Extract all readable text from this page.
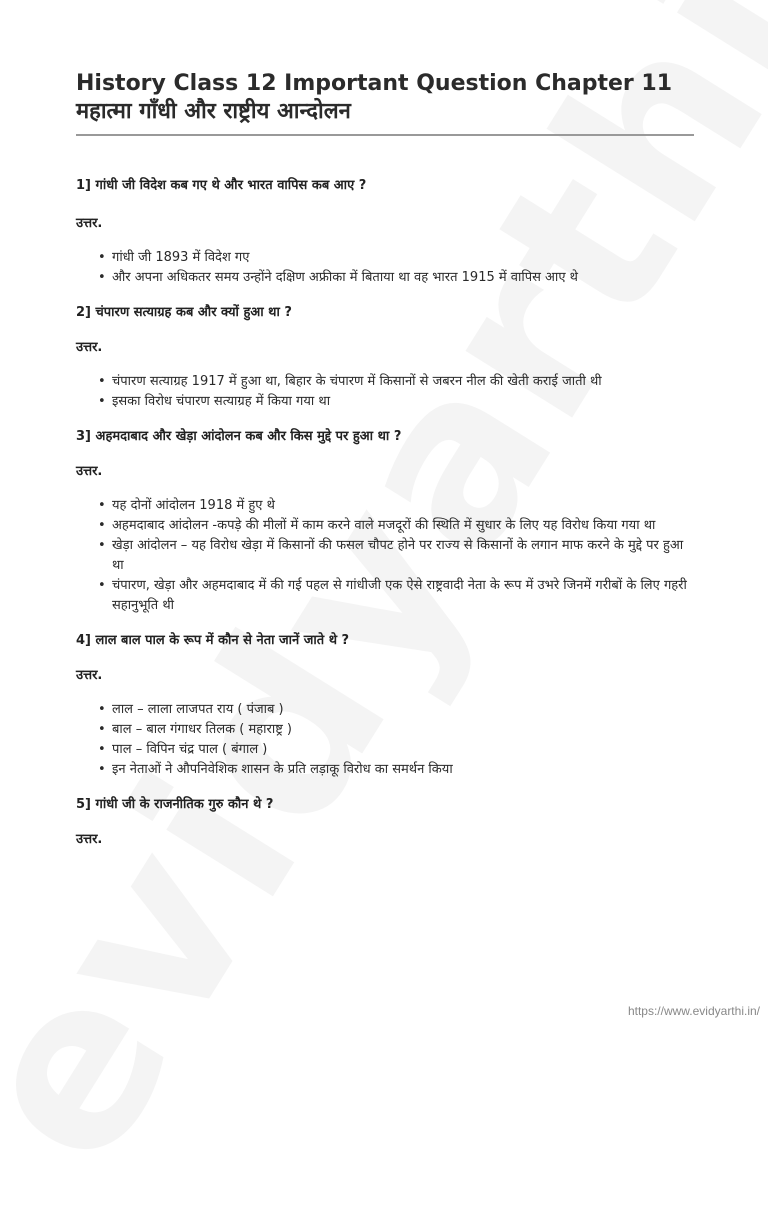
History Class 12 Important Question Chapter 11 महात्मा गाँधी और राष्ट्रीय आन्दोलन

1] गांधी जी विदेश कब गए थे और भारत वापिस कब आए ?

उत्तर.

• गांधी जी 1893 में विदेश गए
• और अपना अधिकतर समय उन्होंने दक्षिण अफ्रीका में बिताया था वह भारत 1915 में वापिस आए थे

2] चंपारण सत्याग्रह कब और क्यों हुआ था ?

उत्तर.

• चंपारण सत्याग्रह 1917 में हुआ था, बिहार के चंपारण में किसानों से जबरन नील की खेती कराई जाती थी
• इसका विरोध चंपारण सत्याग्रह में किया गया था

3] अहमदाबाद और खेड़ा आंदोलन कब और किस मुद्दे पर हुआ था ?

उत्तर.

• यह दोनों आंदोलन 1918 में हुए थे
• अहमदाबाद आंदोलन -कपड़े की मीलों में काम करने वाले मजदूरों की स्थिति में सुधार के लिए यह विरोध किया गया था
• खेड़ा आंदोलन – यह विरोध खेड़ा में किसानों की फसल चौपट होने पर राज्य से किसानों के लगान माफ करने के मुद्दे पर हुआ था
• चंपारण, खेड़ा और अहमदाबाद में की गई पहल से गांधीजी एक ऐसे राष्ट्रवादी नेता के रूप में उभरे जिनमें गरीबों के लिए गहरी सहानुभूति थी

4] लाल बाल पाल के रूप में कौन से नेता जानें जाते थे ?

उत्तर.

• लाल – लाला लाजपत राय ( पंजाब )
• बाल – बाल गंगाधर तिलक ( महाराष्ट्र )
• पाल – विपिन चंद्र पाल ( बंगाल )
• इन नेताओं ने औपनिवेशिक शासन के प्रति लड़ाकू विरोध का समर्थन किया

5] गांधी जी के राजनीतिक गुरु कौन थे ?

उत्तर.

https://www.evidyarthi.in/
